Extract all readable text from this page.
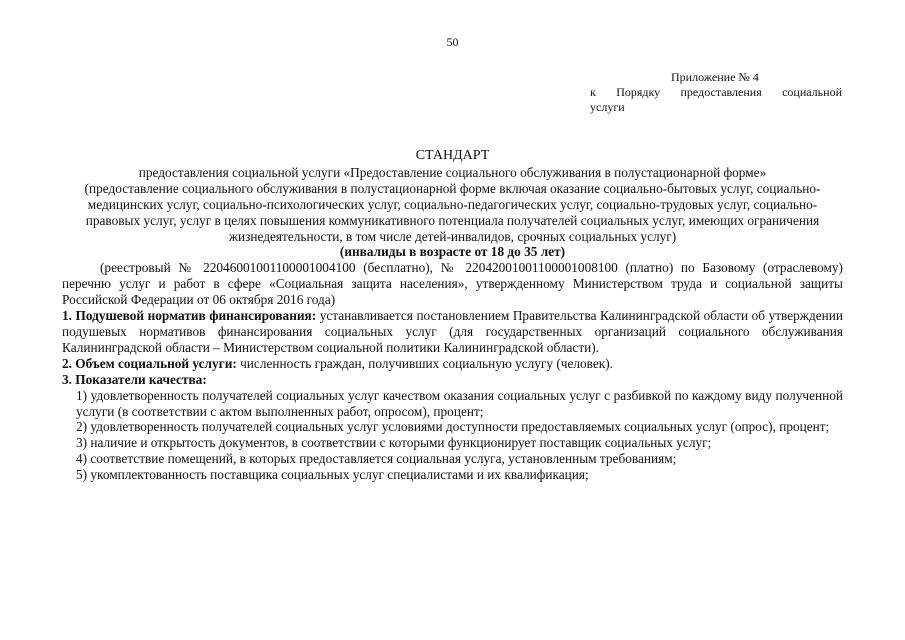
50
Приложение № 4
к Порядку предоставления социальной
услуги

СТАНДАРТ

предоставления социальной услуги «Предоставление социального обслуживания в полустационарной форме»

(предоставление социального обслуживания в полустационарной форме включая оказание социально-бытовых услуг, социально-медицинских услуг, социально-психологических услуг, социально-педагогических услуг, социально-трудовых услуг, социально-правовых услуг, услуг в целях повышения коммуникативного потенциала получателей социальных услуг, имеющих ограничения жизнедеятельности, в том числе детей-инвалидов, срочных социальных услуг)

(инвалиды в возрасте от 18 до 35 лет)

(реестровый № 22046001001100001004100 (бесплатно), № 22042001001100001008100 (платно) по Базовому (отраслевому) перечню услуг и работ в сфере «Социальная защита населения», утвержденному Министерством труда и социальной защиты Российской Федерации от 06 октября 2016 года)

1. Подушевой норматив финансирования: устанавливается постановлением Правительства Калининградской области об утверждении подушевых нормативов финансирования социальных услуг (для государственных организаций социального обслуживания Калининградской области – Министерством социальной политики Калининградской области).

2. Объем социальной услуги: численность граждан, получивших социальную услугу (человек).

3. Показатели качества:

1) удовлетворенность получателей социальных услуг качеством оказания социальных услуг с разбивкой по каждому виду полученной услуги (в соответствии с актом выполненных работ, опросом), процент;

2) удовлетворенность получателей социальных услуг условиями доступности предоставляемых социальных услуг (опрос), процент;

3) наличие и открытость документов, в соответствии с которыми функционирует поставщик социальных услуг;

4) соответствие помещений, в которых предоставляется социальная услуга, установленным требованиям;

5) укомплектованность поставщика социальных услуг специалистами и их квалификация;
